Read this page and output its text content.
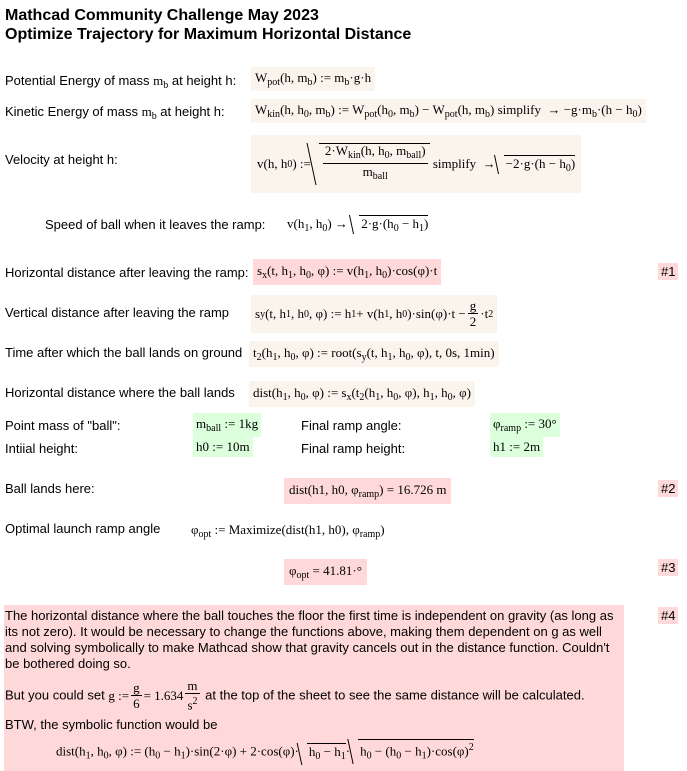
Mathcad Community Challenge May 2023
Optimize Trajectory for Maximum Horizontal Distance
Potential Energy of mass $m_b$ at height h:	$W_{pot}(h$, $m_b$) := $m_b\cdot g\cdot h$
Kinetic Energy of mass $m_b$ at height h:	$W_{kin}(h$, $h_0$, $m_b$) := $W_{pot}(h_0$, $m_b) - W_{pot}(h$, $m_b$) simplify  → $-g\cdot m_b\cdot(h - h_0)$
Velocity at height h:	v(h, h 0 ) := $\frac{2\cdot W_{kin}(h, h_0, m_{ball})}{m_{ball}}$ simplify  → $-2\cdot g\cdot(h - h_0)$
Speed of ball when it leaves the ramp: $v(h_1$, $h_0) \to 2\cdot g\cdot(h_0 - h_1)$
Horizontal distance after leaving the ramp: $s_x(t$, $h_1$, $h_0$, φ) := $v(h_1$, $h_0)\cdot\cos(\varphi)\cdot t$	#1
Vertical distance after leaving the ramp	s y (t, h 1 , h 0 , φ) := h 1 + v(h 1 , h 0 )$\cdot\sin(\varphi)\cdot t - \frac{g}{2} \cdot t$ 2
Time after which the ball lands on ground $t_2(h_1$, $h_0$, φ) := $root(s_y(t$, $h_1$, $h_0$, φ), t, 0s, 1min)
Horizontal distance where the ball lands	$dist(h_1$, $h_0$, φ) := $s_x(t_2(h_1$, $h_0$, φ), $h_1$, $h_0$, φ)
Point mass of "ball":	$m_{ball}$ := 1kg	Final ramp angle:	$\varphi_{ramp}$ := 30°
Intiial height:	h0 := 10m	Final ramp height:	h1 := 2m
Ball lands here:	dist(h1, h0, $\varphi_{ramp}) = 16.726$ m	#2
Optimal launch ramp angle $\varphi_{opt}$ := Maximize(dist(h1, h0), $\varphi_{ramp}$)
$\varphi_{opt} = 41.81\cdot^\circ$	#3

The horizontal distance where the ball touches the floor the first time is independent on gravity (as long as its not zero). It would be necessary to change the functions above, making them dependent on g as well and solving symbolically to make Mathcad show that gravity cancels out in the distance function. Couldn't be bothered doing so.

But you could set g := $\frac{g}{6} = 1.634 \frac{m}{s^2}$ at the top of the sheet to see the same distance will be calculated.

BTW, the symbolic function would be

$dist(h_1$, $h_0$, φ) := $(h_0 - h_1)\cdot\sin(2\cdot\varphi) + 2\cdot\cos(\varphi)\cdot h_0 - h_1\cdot h_0 - (h_0 - h_1)\cdot\cos(\varphi)^2$

#4
